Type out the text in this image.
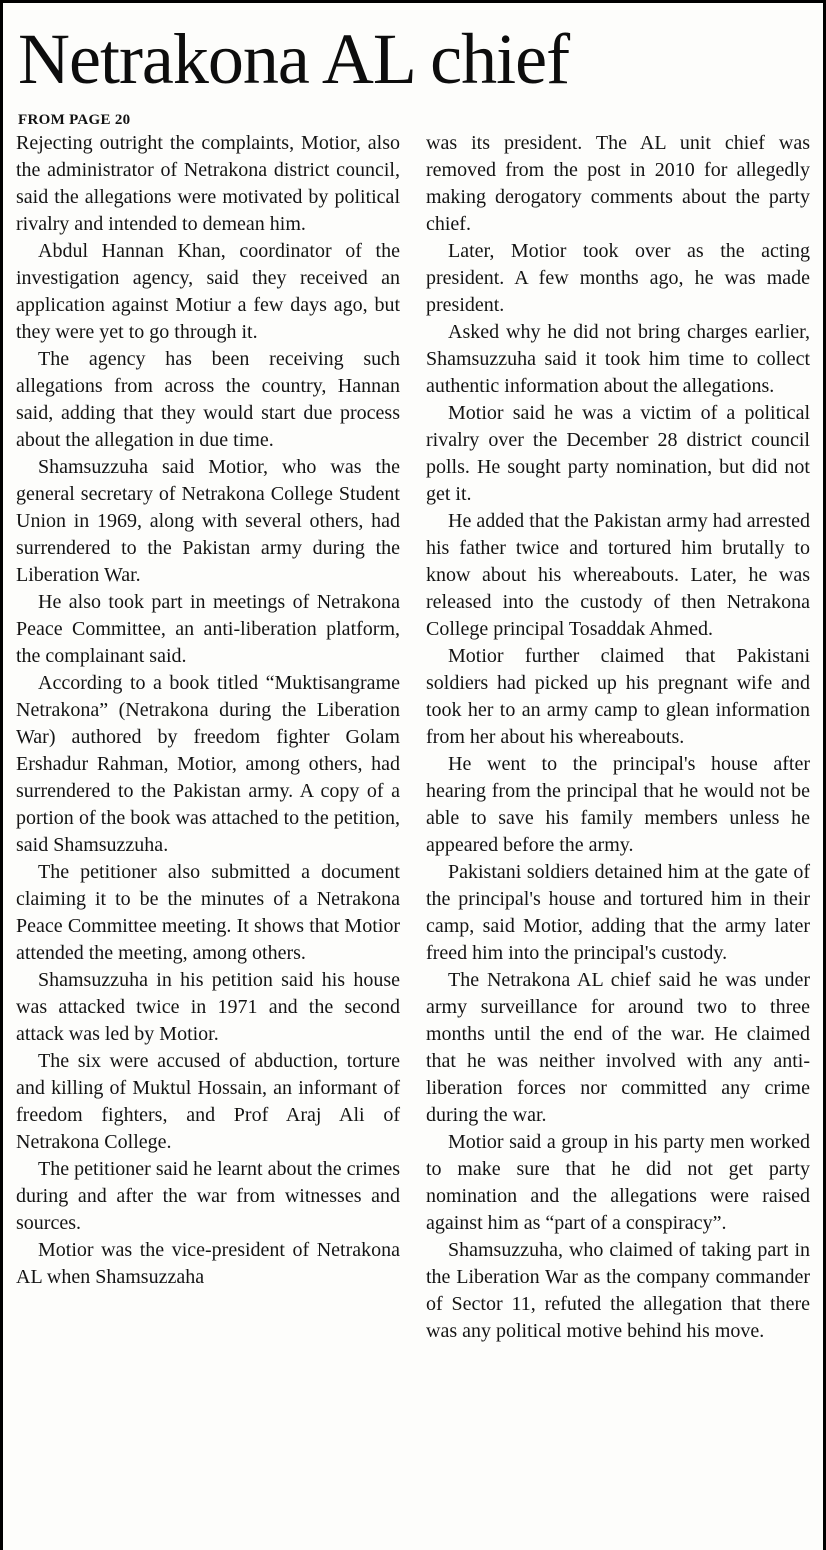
Netrakona AL chief
FROM PAGE 20

Rejecting outright the complaints, Motior, also the administrator of Netrakona district council, said the allegations were motivated by political rivalry and intended to demean him.

Abdul Hannan Khan, coordinator of the investigation agency, said they received an application against Motiur a few days ago, but they were yet to go through it.

The agency has been receiving such allegations from across the country, Hannan said, adding that they would start due process about the allegation in due time.

Shamsuzzuha said Motior, who was the general secretary of Netrakona College Student Union in 1969, along with several others, had surrendered to the Pakistan army during the Liberation War.

He also took part in meetings of Netrakona Peace Committee, an anti-liberation platform, the complainant said.

According to a book titled “Muktisangrame Netrakona” (Netrakona during the Liberation War) authored by freedom fighter Golam Ershadur Rahman, Motior, among others, had surrendered to the Pakistan army. A copy of a portion of the book was attached to the petition, said Shamsuzzuha.

The petitioner also submitted a document claiming it to be the minutes of a Netrakona Peace Committee meeting. It shows that Motior attended the meeting, among others.

Shamsuzzuha in his petition said his house was attacked twice in 1971 and the second attack was led by Motior.

The six were accused of abduction, torture and killing of Muktul Hossain, an informant of freedom fighters, and Prof Araj Ali of Netrakona College.

The petitioner said he learnt about the crimes during and after the war from witnesses and sources.

Motior was the vice-president of Netrakona AL when Shamsuzzaha

was its president. The AL unit chief was removed from the post in 2010 for allegedly making derogatory comments about the party chief.

Later, Motior took over as the acting president. A few months ago, he was made president.

Asked why he did not bring charges earlier, Shamsuzzuha said it took him time to collect authentic information about the allegations.

Motior said he was a victim of a political rivalry over the December 28 district council polls. He sought party nomination, but did not get it.

He added that the Pakistan army had arrested his father twice and tortured him brutally to know about his whereabouts. Later, he was released into the custody of then Netrakona College principal Tosaddak Ahmed.

Motior further claimed that Pakistani soldiers had picked up his pregnant wife and took her to an army camp to glean information from her about his whereabouts.

He went to the principal's house after hearing from the principal that he would not be able to save his family members unless he appeared before the army.

Pakistani soldiers detained him at the gate of the principal's house and tortured him in their camp, said Motior, adding that the army later freed him into the principal's custody.

The Netrakona AL chief said he was under army surveillance for around two to three months until the end of the war. He claimed that he was neither involved with any anti-liberation forces nor committed any crime during the war.

Motior said a group in his party men worked to make sure that he did not get party nomination and the allegations were raised against him as “part of a conspiracy”.

Shamsuzzuha, who claimed of taking part in the Liberation War as the company commander of Sector 11, refuted the allegation that there was any political motive behind his move.
